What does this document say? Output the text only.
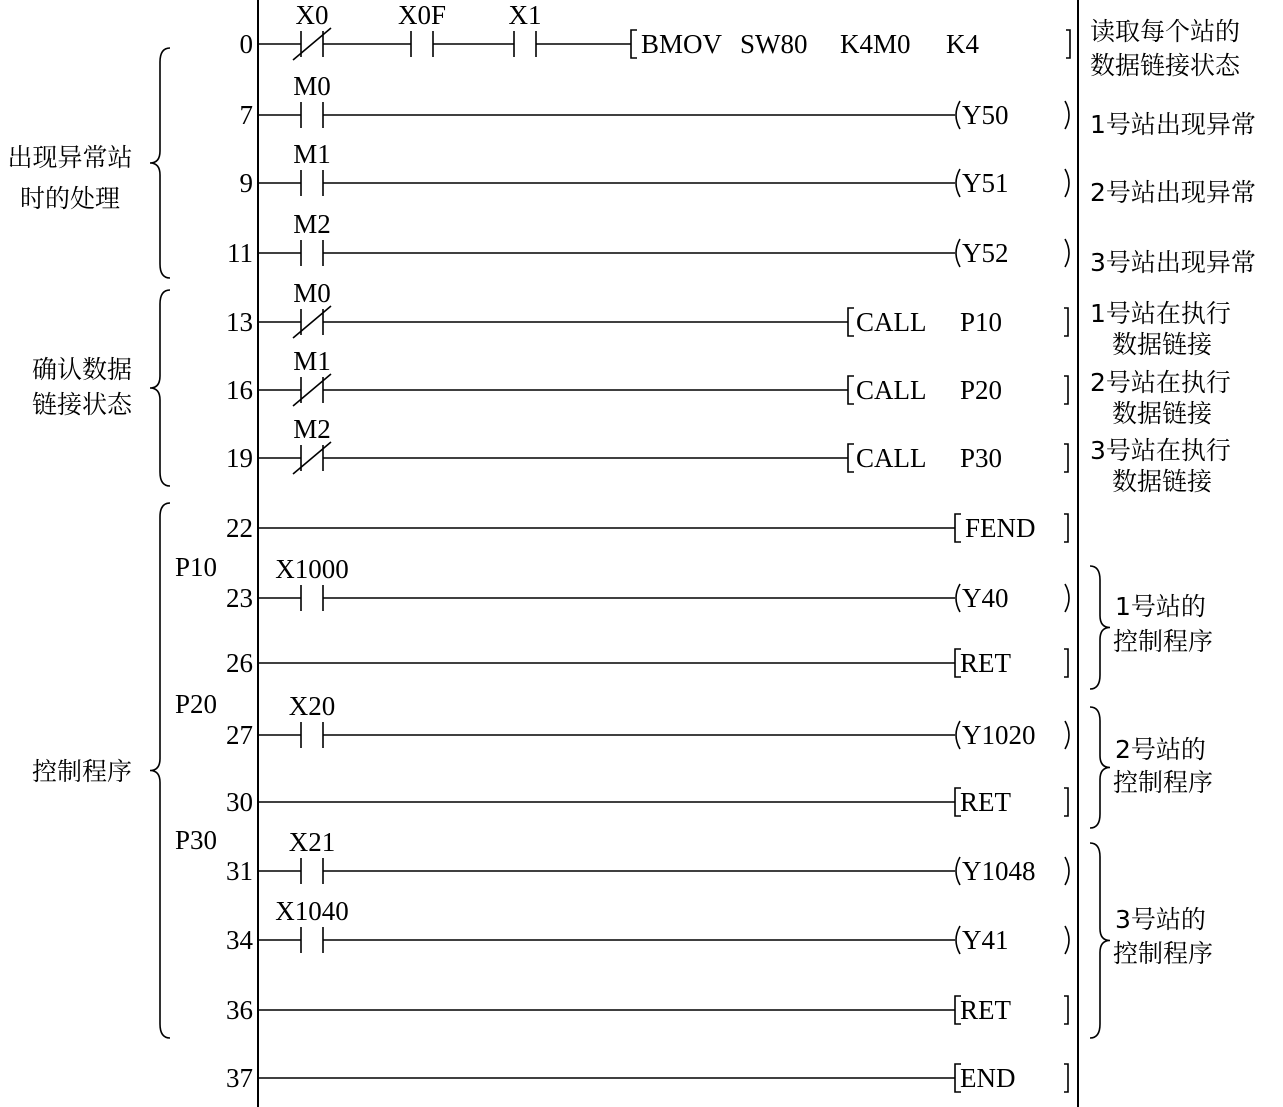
0
X0	X0F X1
BMOV SW80 K4M0 K4	读取每个站的
数据链接状态
7
M0
Y50	1号站出现异常
9
M1
Y51	2号站出现异常
11
M2
Y52	3号站出现异常
13
M0
CALL P10	1号站在执行
数据链接
16
M1
CALL P20	2号站在执行
数据链接
19
M2
CALL P30	3号站在执行
数据链接
22	FEND
23
P10 X1000
Y40
26	RET
27
P20	X20
Y1020
30	RET
31
P30	X21
Y1048
34
X1040
Y41
36	RET
37	END
出现异常站
时的处理
确认数据
链接状态
控制程序
1号站的
控制程序
2号站的
控制程序
3号站的
控制程序
